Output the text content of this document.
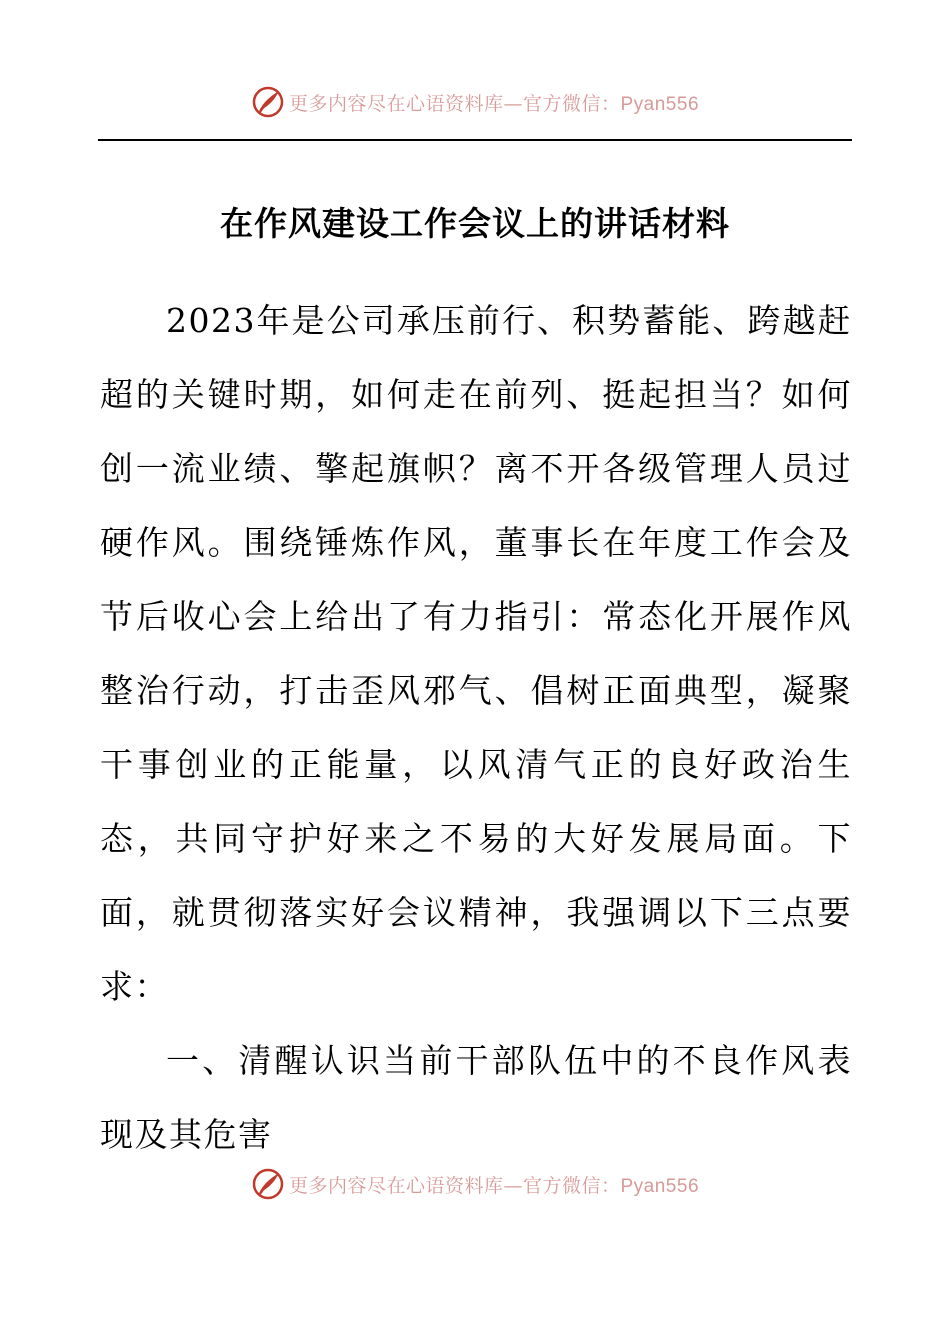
更多内容尽在心语资料库—官方微信：Pyan556
在作风建设工作会议上的讲话材料

2023年是公司承压前行、积势蓄能、跨越赶超的关键时期，如何走在前列、挺起担当？如何创一流业绩、擎起旗帜？离不开各级管理人员过硬作风。围绕锤炼作风，董事长在年度工作会及节后收心会上给出了有力指引：常态化开展作风整治行动，打击歪风邪气、倡树正面典型，凝聚干事创业的正能量，以风清气正的良好政治生态，共同守护好来之不易的大好发展局面。下面，就贯彻落实好会议精神，我强调以下三点要求：

一、清醒认识当前干部队伍中的不良作风表现及其危害

更多内容尽在心语资料库—官方微信：Pyan556
